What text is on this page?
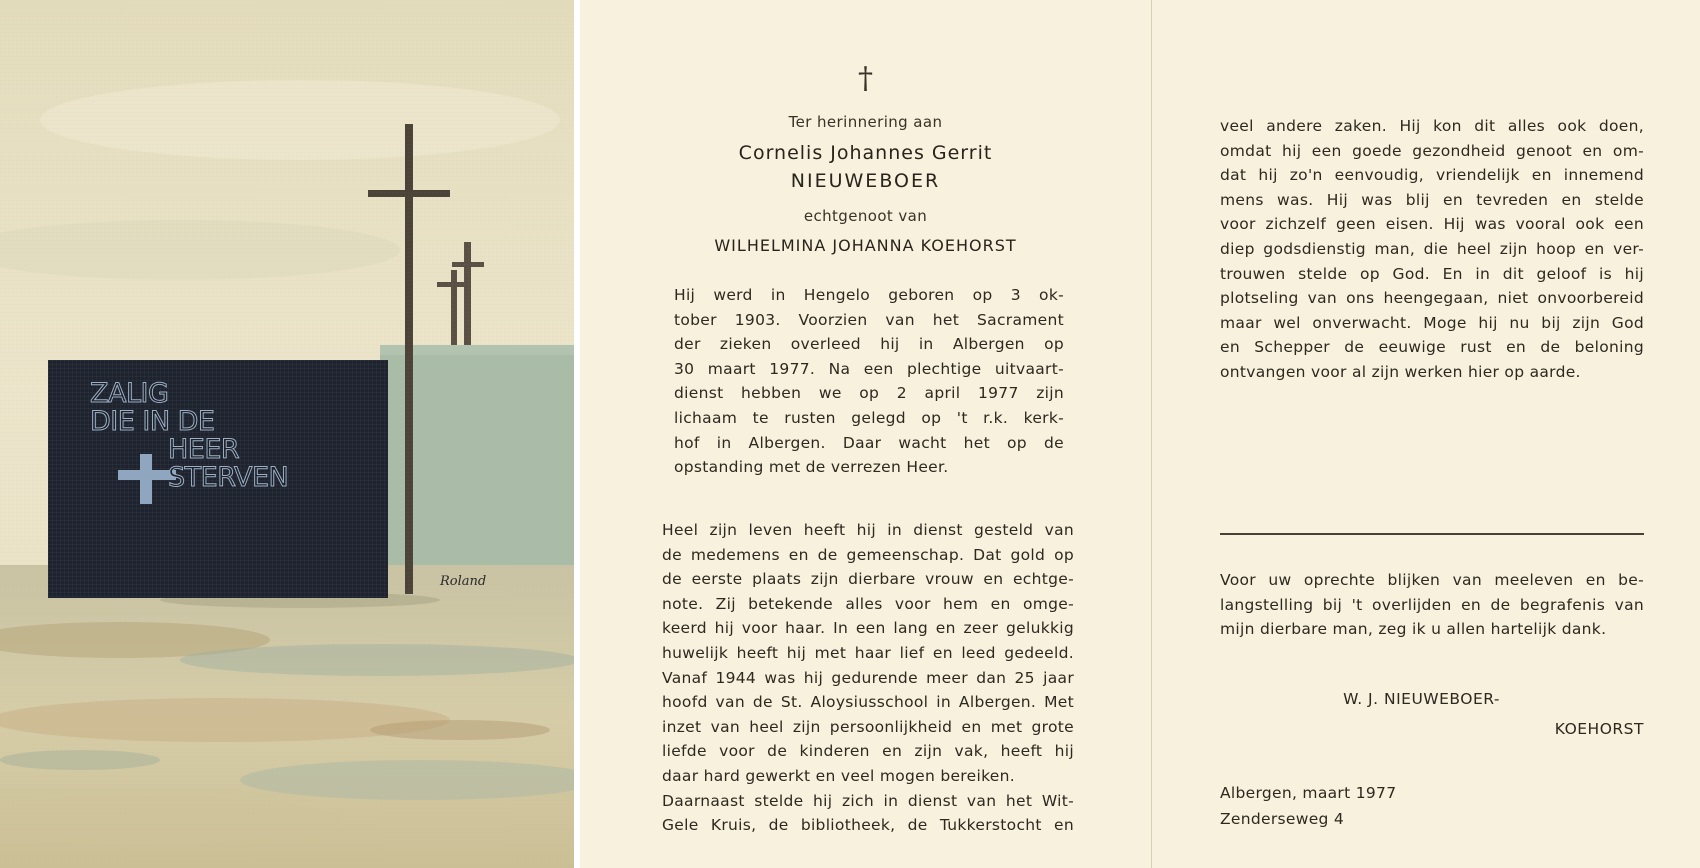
ZALIG
DIE IN DE
HEER
STERVEN
Roland
†
Ter herinnering aan
Cornelis Johannes Gerrit
NIEUWEBOER
echtgenoot van
WILHELMINA JOHANNA KOEHORST
Hij werd in Hengelo geboren op 3 ok-
tober 1903. Voorzien van het Sacrament
der zieken overleed hij in Albergen op
30 maart 1977. Na een plechtige uitvaart-
dienst hebben we op 2 april 1977 zijn
lichaam te rusten gelegd op 't r.k. kerk-
hof in Albergen. Daar wacht het op de
opstanding met de verrezen Heer.
Heel zijn leven heeft hij in dienst gesteld van
de medemens en de gemeenschap. Dat gold op
de eerste plaats zijn dierbare vrouw en echtge-
note. Zij betekende alles voor hem en omge-
keerd hij voor haar. In een lang en zeer gelukkig
huwelijk heeft hij met haar lief en leed gedeeld.
Vanaf 1944 was hij gedurende meer dan 25 jaar
hoofd van de St. Aloysiusschool in Albergen. Met
inzet van heel zijn persoonlijkheid en met grote
liefde voor de kinderen en zijn vak, heeft hij
daar hard gewerkt en veel mogen bereiken.
Daarnaast stelde hij zich in dienst van het Wit-
Gele Kruis, de bibliotheek, de Tukkerstocht en
veel andere zaken. Hij kon dit alles ook doen,
omdat hij een goede gezondheid genoot en om-
dat hij zo'n eenvoudig, vriendelijk en innemend
mens was. Hij was blij en tevreden en stelde
voor zichzelf geen eisen. Hij was vooral ook een
diep godsdienstig man, die heel zijn hoop en ver-
trouwen stelde op God. En in dit geloof is hij
plotseling van ons heengegaan, niet onvoorbereid
maar wel onverwacht. Moge hij nu bij zijn God
en Schepper de eeuwige rust en de beloning
ontvangen voor al zijn werken hier op aarde.
Voor uw oprechte blijken van meeleven en be-
langstelling bij 't overlijden en de begrafenis van
mijn dierbare man, zeg ik u allen hartelijk dank.
W. J. NIEUWEBOER-
KOEHORST
Albergen, maart 1977
Zenderseweg 4
